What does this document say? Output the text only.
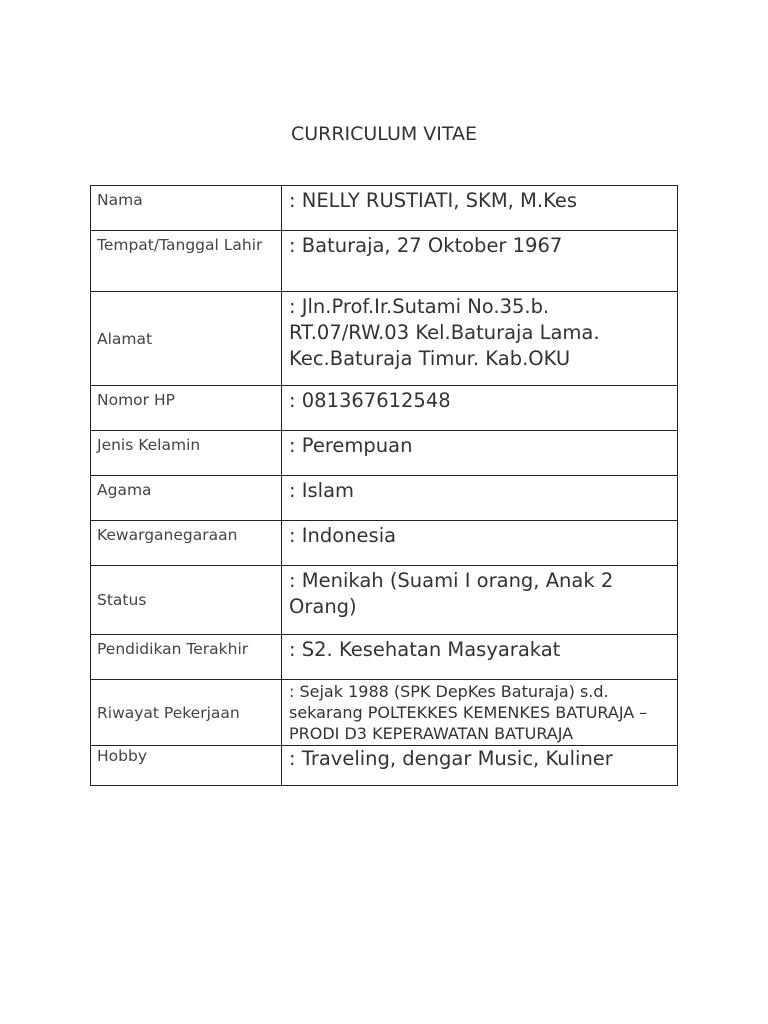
CURRICULUM VITAE
Nama	: NELLY RUSTIATI, SKM, M.Kes
Tempat/Tanggal Lahir	: Baturaja, 27 Oktober 1967
Alamat	: Jln.Prof.Ir.Sutami No.35.b. RT.07/RW.03 Kel.Baturaja Lama. Kec.Baturaja Timur. Kab.OKU
Nomor HP	: 081367612548
Jenis Kelamin	: Perempuan
Agama	: Islam
Kewarganegaraan	: Indonesia
Status	: Menikah (Suami I orang, Anak 2 Orang)
Pendidikan Terakhir	: S2. Kesehatan Masyarakat
Riwayat Pekerjaan	: Sejak 1988 (SPK DepKes Baturaja) s.d. sekarang POLTEKKES KEMENKES BATURAJA – PRODI D3 KEPERAWATAN BATURAJA
Hobby	: Traveling, dengar Music, Kuliner
